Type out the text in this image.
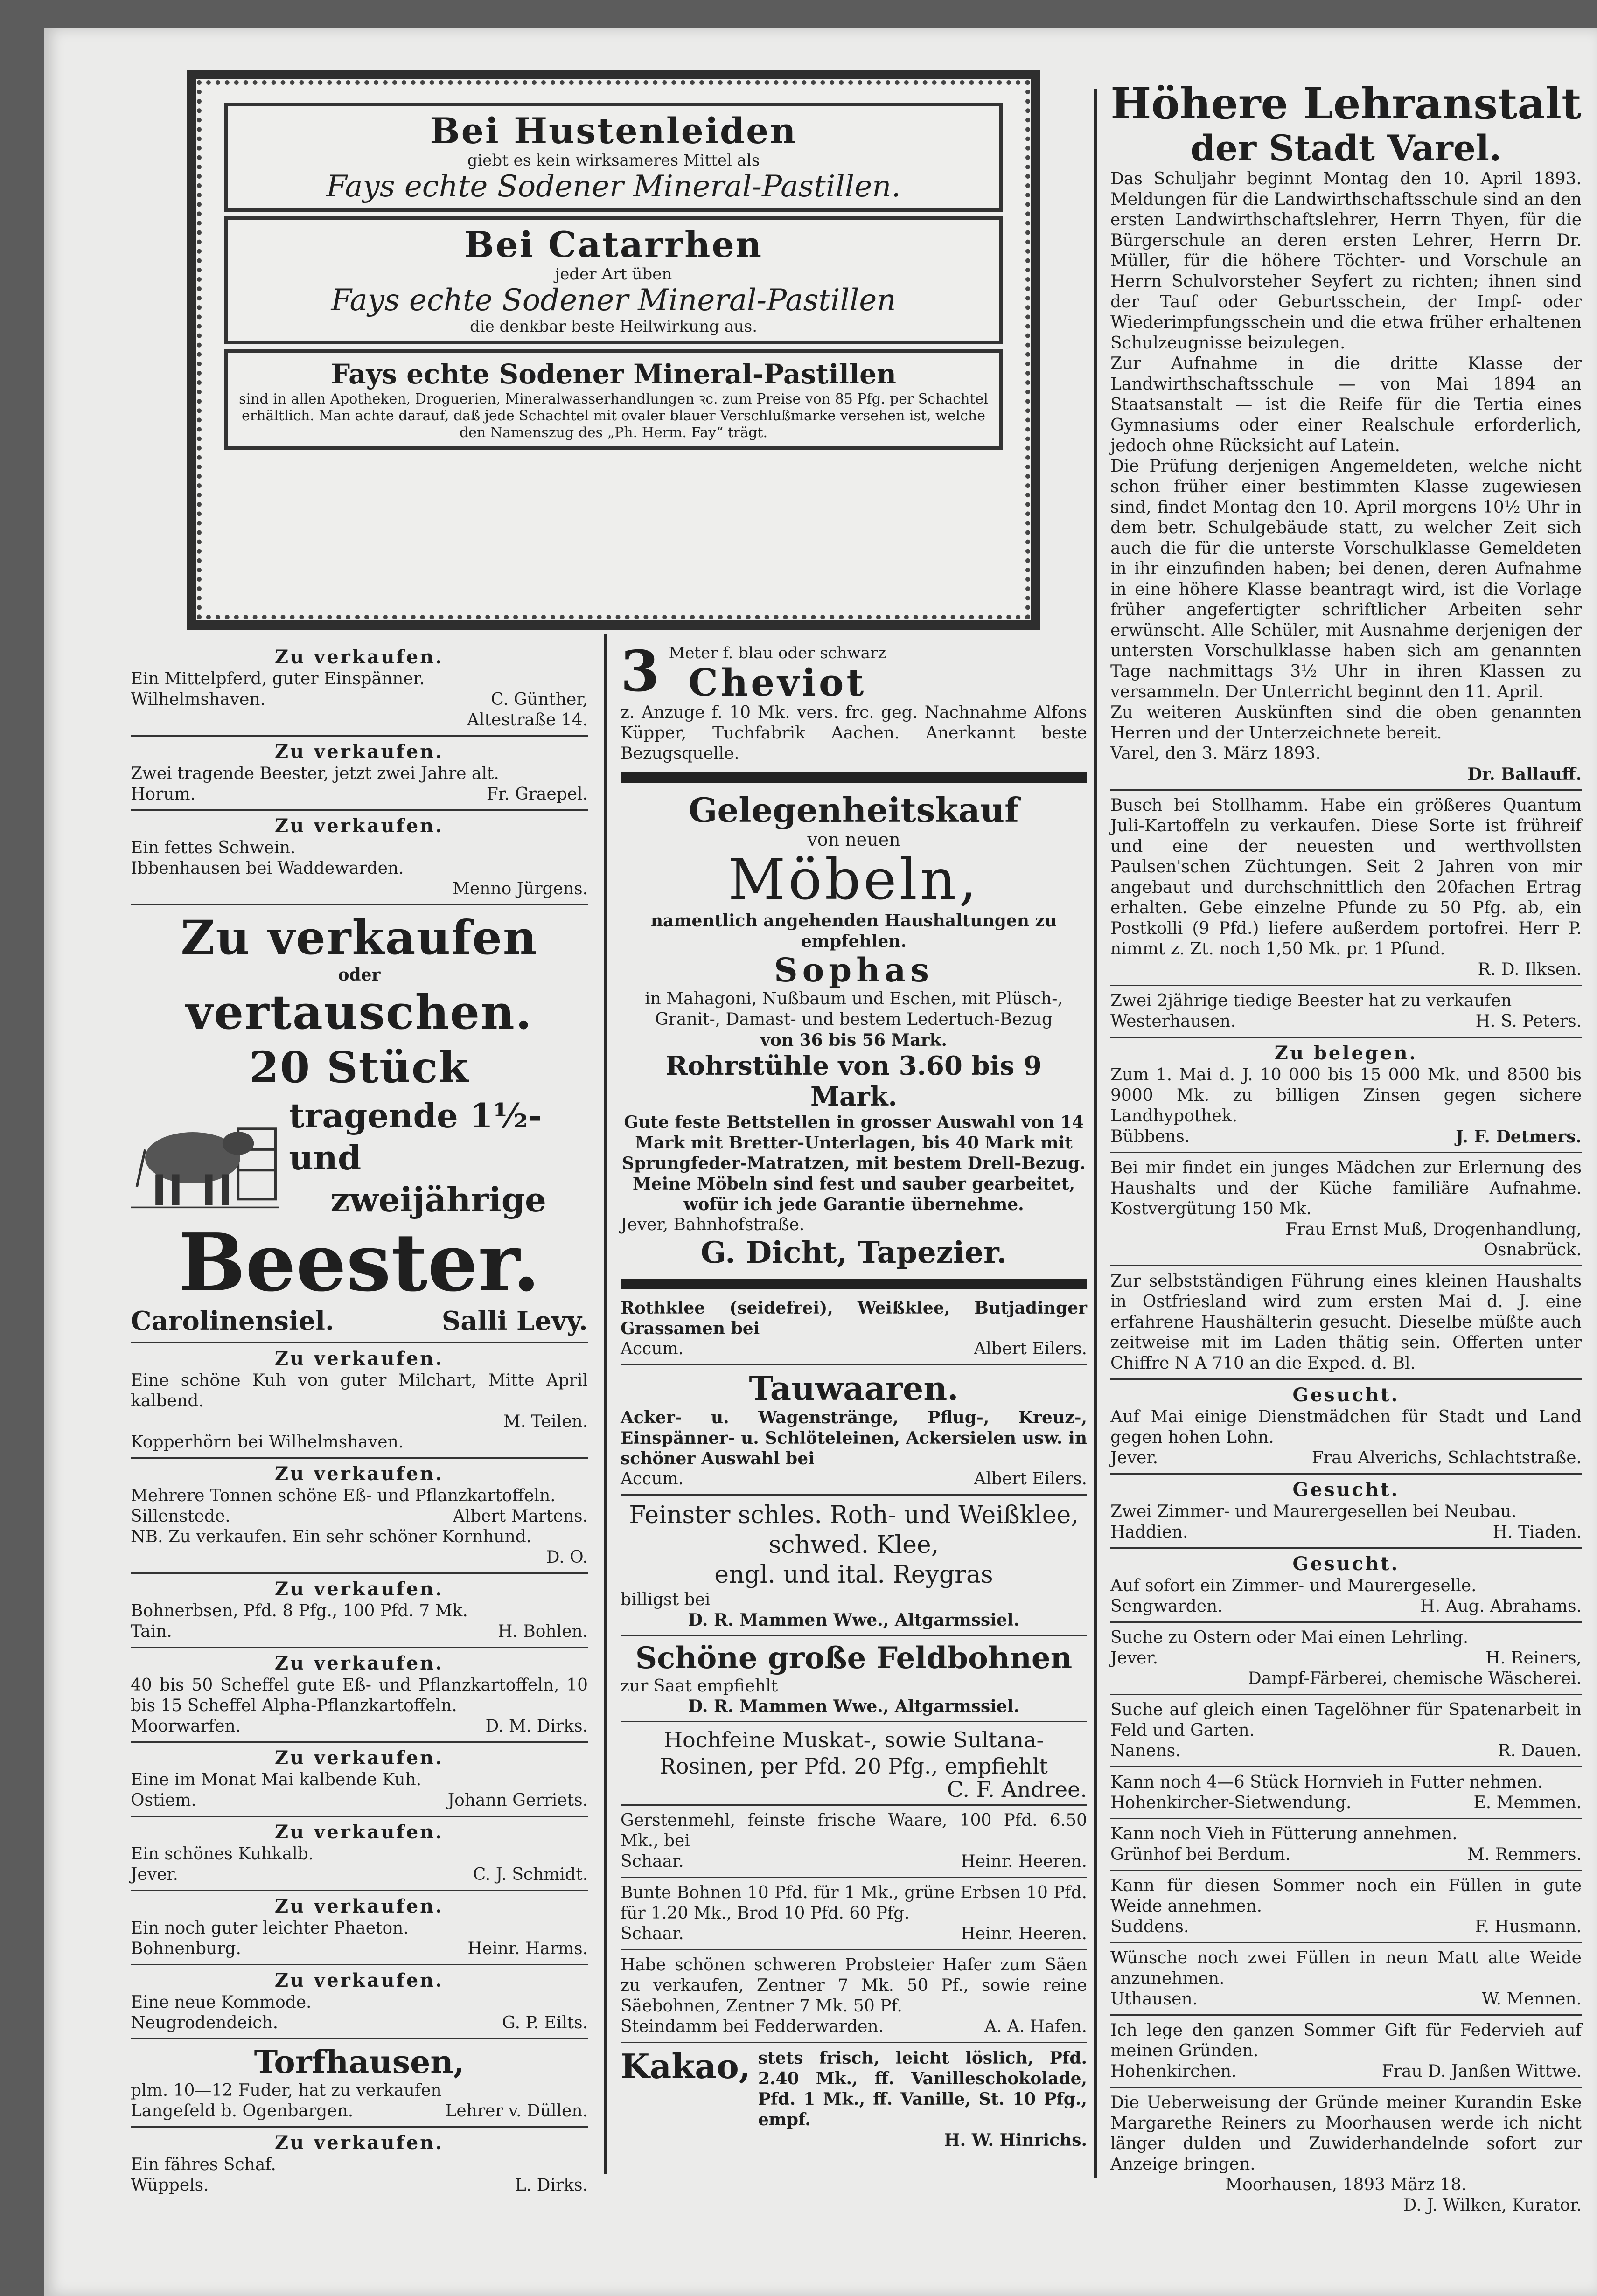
Bei Hustenleiden
giebt es kein wirksameres Mittel als
Fays echte Sodener Mineral-Pastillen.
Bei Catarrhen
jeder Art üben
Fays echte Sodener Mineral-Pastillen
die denkbar beste Heilwirkung aus.
Fays echte Sodener Mineral-Pastillen
sind in allen Apotheken, Droguerien, Mineralwasserhandlungen ꝛc. zum Preise von 85 Pfg. per Schachtel erhältlich. Man achte darauf, daß jede Schachtel mit ovaler blauer Verschlußmarke versehen ist, welche den Namenszug des „Ph. Herm. Fay“ trägt.
Zu verkaufen.

Ein Mittelpferd, guter Einspänner.

Wilhelmshaven.	C. Günther,
Altestraße 14.
Zu verkaufen.

Zwei tragende Beester, jetzt zwei Jahre alt.

Horum.	Fr. Graepel.
Zu verkaufen.

Ein fettes Schwein.

Ibbenhausen bei Waddewarden.

Menno Jürgens.
Zu verkaufen
oder
vertauschen.
20 Stück
tragende 1½- und
zweijährige
Beester.
Carolinensiel.	Salli Levy.
Zu verkaufen.

Eine schöne Kuh von guter Milchart, Mitte April kalbend.

M. Teilen.

Kopperhörn bei Wilhelmshaven.

Zu verkaufen.

Mehrere Tonnen schöne Eß- und Pflanzkartoffeln.

Sillenstede.	Albert Martens.

NB. Zu verkaufen. Ein sehr schöner Kornhund.

D. O.
Zu verkaufen.

Bohnerbsen, Pfd. 8 Pfg., 100 Pfd. 7 Mk.

Tain.	H. Bohlen.
Zu verkaufen.

40 bis 50 Scheffel gute Eß- und Pflanzkartoffeln, 10 bis 15 Scheffel Alpha-Pflanzkartoffeln.

Moorwarfen.	D. M. Dirks.
Zu verkaufen.

Eine im Monat Mai kalbende Kuh.

Ostiem.	Johann Gerriets.
Zu verkaufen.

Ein schönes Kuhkalb.

Jever.	C. J. Schmidt.
Zu verkaufen.

Ein noch guter leichter Phaeton.

Bohnenburg.	Heinr. Harms.
Zu verkaufen.

Eine neue Kommode.

Neugrodendeich.	G. P. Eilts.
Torfhausen,

plm. 10—12 Fuder, hat zu verkaufen

Langefeld b. Ogenbargen.	Lehrer v. Düllen.
Zu verkaufen.

Ein fähres Schaf.

Wüppels.	L. Dirks.
3 Meter f. blau oder schwarz
Cheviot

z. Anzuge f. 10 Mk. vers. frc. geg. Nachnahme Alfons Küpper, Tuchfabrik Aachen. Anerkannt beste Bezugsquelle.

Gelegenheitskauf
von neuen
Möbeln,

namentlich angehenden Haushaltungen zu empfehlen.

Sophas

in Mahagoni, Nußbaum und Eschen, mit Plüsch-, Granit-, Damast- und bestem Ledertuch-Bezug

von 36 bis 56 Mark.

Rohrstühle von 3.60 bis 9 Mark.

Gute feste Bettstellen in grosser Auswahl von 14 Mark mit Bretter-Unterlagen, bis 40 Mark mit Sprungfeder-Matratzen, mit bestem Drell-Bezug.

Meine Möbeln sind fest und sauber gearbeitet, wofür ich jede Garantie übernehme.

Jever, Bahnhofstraße.

G. Dicht, Tapezier.

Rothklee (seidefrei), Weißklee, Butjadinger Grassamen bei

Accum.	Albert Eilers.
Tauwaaren.

Acker- u. Wagenstränge, Pflug-, Kreuz-, Einspänner- u. Schlöteleinen, Ackersielen usw. in schöner Auswahl bei

Accum.	Albert Eilers.
Feinster schles. Roth- und Weißklee,
schwed. Klee,
engl. und ital. Reygras

billigst bei

D. R. Mammen Wwe., Altgarmssiel.
Schöne große Feldbohnen

zur Saat empfiehlt

D. R. Mammen Wwe., Altgarmssiel.

Hochfeine Muskat-, sowie Sultana-Rosinen, per Pfd. 20 Pfg., empfiehlt

C. F. Andree.

Gerstenmehl, feinste frische Waare, 100 Pfd. 6.50 Mk., bei

Schaar.	Heinr. Heeren.

Bunte Bohnen 10 Pfd. für 1 Mk., grüne Erbsen 10 Pfd. für 1.20 Mk., Brod 10 Pfd. 60 Pfg.

Schaar.	Heinr. Heeren.

Habe schönen schweren Probsteier Hafer zum Säen zu verkaufen, Zentner 7 Mk. 50 Pf., sowie reine Säebohnen, Zentner 7 Mk. 50 Pf.

Steindamm bei Fedderwarden.	A. A. Hafen.
Kakao, stets frisch, leicht löslich, Pfd. 2.40 Mk., ff. Vanilleschokolade, Pfd. 1 Mk., ff. Vanille, St. 10 Pfg., empf.

H. W. Hinrichs.
Höhere Lehranstalt
der Stadt Varel.

Das Schuljahr beginnt Montag den 10. April 1893. Meldungen für die Landwirthschaftsschule sind an den ersten Landwirthschaftslehrer, Herrn Thyen, für die Bürgerschule an deren ersten Lehrer, Herrn Dr. Müller, für die höhere Töchter- und Vorschule an Herrn Schulvorsteher Seyfert zu richten; ihnen sind der Tauf oder Geburtsschein, der Impf- oder Wiederimpfungsschein und die etwa früher erhaltenen Schulzeugnisse beizulegen.

Zur Aufnahme in die dritte Klasse der Landwirthschaftsschule — von Mai 1894 an Staatsanstalt — ist die Reife für die Tertia eines Gymnasiums oder einer Realschule erforderlich, jedoch ohne Rücksicht auf Latein.

Die Prüfung derjenigen Angemeldeten, welche nicht schon früher einer bestimmten Klasse zugewiesen sind, findet Montag den 10. April morgens 10½ Uhr in dem betr. Schulgebäude statt, zu welcher Zeit sich auch die für die unterste Vorschulklasse Gemeldeten in ihr einzufinden haben; bei denen, deren Aufnahme in eine höhere Klasse beantragt wird, ist die Vorlage früher angefertigter schriftlicher Arbeiten sehr erwünscht. Alle Schüler, mit Ausnahme derjenigen der untersten Vorschulklasse haben sich am genannten Tage nachmittags 3½ Uhr in ihren Klassen zu versammeln. Der Unterricht beginnt den 11. April.

Zu weiteren Auskünften sind die oben genannten Herren und der Unterzeichnete bereit.

Varel, den 3. März 1893.

Dr. Ballauff.

Busch bei Stollhamm. Habe ein größeres Quantum Juli-Kartoffeln zu verkaufen. Diese Sorte ist frühreif und eine der neuesten und werthvollsten Paulsen'schen Züchtungen. Seit 2 Jahren von mir angebaut und durchschnittlich den 20fachen Ertrag erhalten. Gebe einzelne Pfunde zu 50 Pfg. ab, ein Postkolli (9 Pfd.) liefere außerdem portofrei. Herr P. nimmt z. Zt. noch 1,50 Mk. pr. 1 Pfund.

R. D. Ilksen.

Zwei 2jährige tiedige Beester hat zu verkaufen

Westerhausen.	H. S. Peters.
Zu belegen.

Zum 1. Mai d. J. 10 000 bis 15 000 Mk. und 8500 bis 9000 Mk. zu billigen Zinsen gegen sichere Landhypothek.

Bübbens.	J. F. Detmers.

Bei mir findet ein junges Mädchen zur Erlernung des Haushalts und der Küche familiäre Aufnahme. Kostvergütung 150 Mk.

Frau Ernst Muß, Drogenhandlung,
Osnabrück.

Zur selbstständigen Führung eines kleinen Haushalts in Ostfriesland wird zum ersten Mai d. J. eine erfahrene Haushälterin gesucht. Dieselbe müßte auch zeitweise mit im Laden thätig sein. Offerten unter Chiffre N A 710 an die Exped. d. Bl.

Gesucht.

Auf Mai einige Dienstmädchen für Stadt und Land gegen hohen Lohn.

Jever.	Frau Alverichs, Schlachtstraße.
Gesucht.

Zwei Zimmer- und Maurergesellen bei Neubau.

Haddien.	H. Tiaden.
Gesucht.

Auf sofort ein Zimmer- und Maurergeselle.

Sengwarden.	H. Aug. Abrahams.

Suche zu Ostern oder Mai einen Lehrling.

Jever.	H. Reiners,
Dampf-Färberei, chemische Wäscherei.

Suche auf gleich einen Tagelöhner für Spatenarbeit in Feld und Garten.

Nanens.	R. Dauen.

Kann noch 4—6 Stück Hornvieh in Futter nehmen.

Hohenkircher-Sietwendung.	E. Memmen.

Kann noch Vieh in Fütterung annehmen.

Grünhof bei Berdum.	M. Remmers.

Kann für diesen Sommer noch ein Füllen in gute Weide annehmen.

Suddens.	F. Husmann.

Wünsche noch zwei Füllen in neun Matt alte Weide anzunehmen.

Uthausen.	W. Mennen.

Ich lege den ganzen Sommer Gift für Federvieh auf meinen Gründen.

Hohenkirchen.	Frau D. Janßen Wittwe.

Die Ueberweisung der Gründe meiner Kurandin Eske Margarethe Reiners zu Moorhausen werde ich nicht länger dulden und Zuwiderhandelnde sofort zur Anzeige bringen.

Moorhausen, 1893 März 18.

D. J. Wilken, Kurator.
